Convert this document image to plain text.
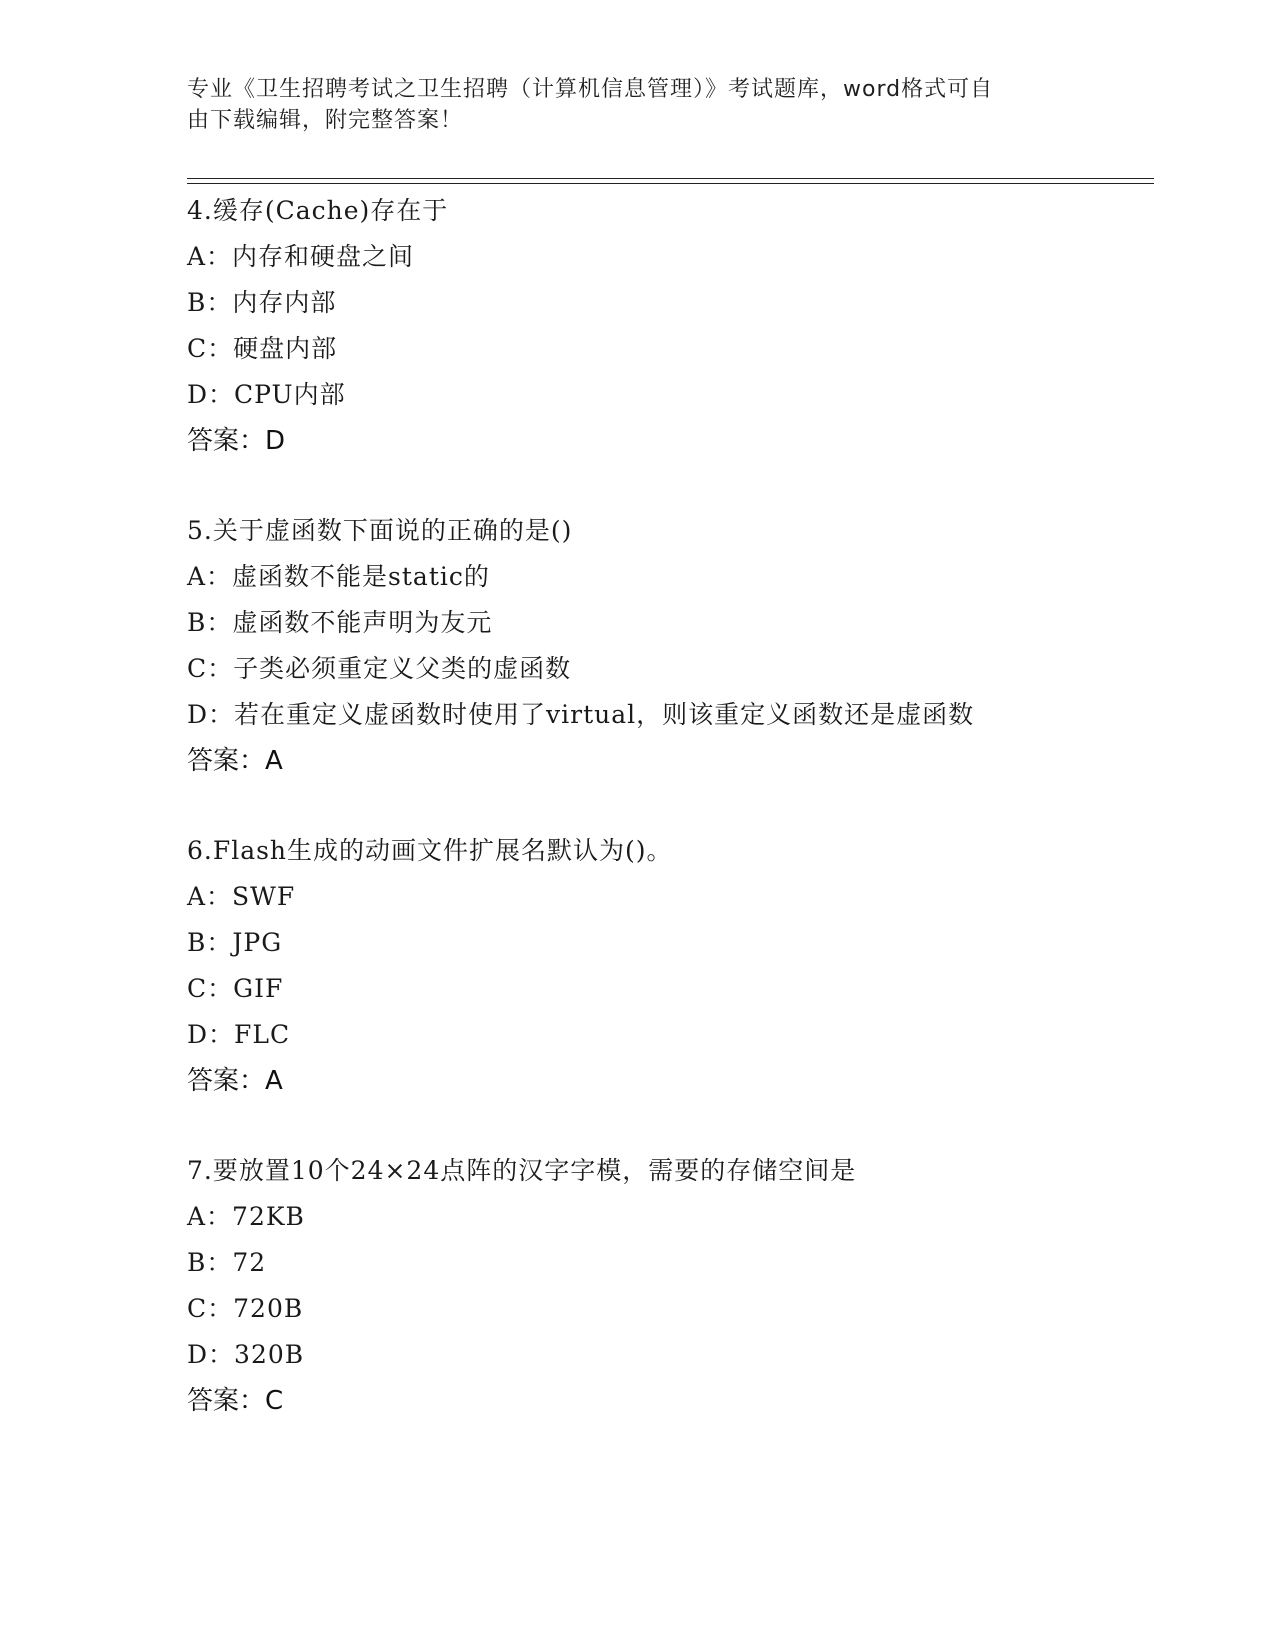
专业《卫生招聘考试之卫生招聘（计算机信息管理）》考试题库，word格式可自
由下载编辑，附完整答案！
4.缓存(Cache)存在于
A：内存和硬盘之间
B：内存内部
C：硬盘内部
D：CPU内部
答案：D
5.关于虚函数下面说的正确的是()
A：虚函数不能是static的
B：虚函数不能声明为友元
C：子类必须重定义父类的虚函数
D：若在重定义虚函数时使用了virtual，则该重定义函数还是虚函数
答案：A
6.Flash生成的动画文件扩展名默认为()。
A：SWF
B：JPG
C：GIF
D：FLC
答案：A
7.要放置10个24×24点阵的汉字字模，需要的存储空间是
A：72KB
B：72
C：720B
D：320B
答案：C
